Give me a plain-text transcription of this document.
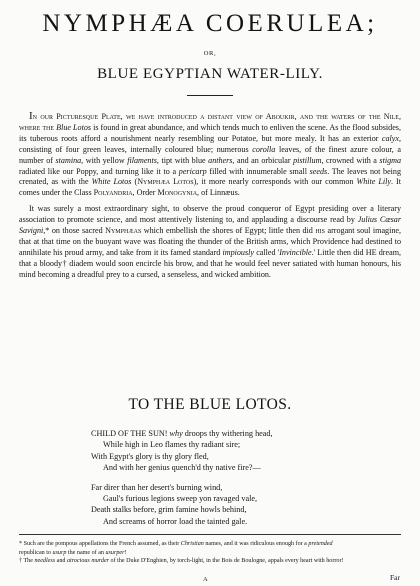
NYMPHÆA COERULEA;
OR,
BLUE EGYPTIAN WATER-LILY.

In our Picturesque Plate, we have introduced a distant view of Aboukir, and the waters of the Nile, where the Blue Lotos is found in great abundance, and which tends much to enliven the scene. As the flood subsides, its tuberous roots afford a nourishment nearly resembling our Potatoe, but more mealy. It has an exterior calyx, consisting of four green leaves, internally coloured blue; numerous corolla leaves, of the finest azure colour, a number of stamina, with yellow filaments, tipt with blue anthers, and an orbicular pistillum, crowned with a stigma radiated like our Poppy, and turning like it to a pericarp filled with innumerable small seeds. The leaves not being crenated, as with the White Lotos (Nymphæa Lotos), it more nearly corresponds with our common White Lily. It comes under the Class Polyandria, Order Monogynia, of Linnæus.

It was surely a most extraordinary sight, to observe the proud conqueror of Egypt presiding over a literary association to promote science, and most attentively listening to, and applauding a discourse read by Julius Cæsar Savigni,* on those sacred Nymphæas which embellish the shores of Egypt; little then did his arrogant soul imagine, that at that time on the buoyant wave was floating the thunder of the British arms, which Providence had destined to annihilate his proud army, and take from it its famed standard impiously called 'Invincible.' Little then did HE dream, that a bloody† diadem would soon encircle his brow, and that he would feel never satiated with human honours, his mind becoming a dreadful prey to a cursed, a senseless, and wicked ambition.

TO THE BLUE LOTOS.
CHILD OF THE SUN! why droops thy withering head,
While high in Leo flames thy radiant sire;
With Egypt's glory is thy glory fled,
And with her genius quench'd thy native fire?—
Far direr than her desert's burning wind,
Gaul's furious legions sweep yon ravaged vale,
Death stalks before, grim famine howls behind,
And screams of horror load the tainted gale.
* Such are the pompous appellations the French assumed, as their Christian names, and it was ridiculous enough for a pretended
republican to usurp the name of an usurper!
† The needless and atrocious murder of the Duke D'Enghien, by torch-light, in the Bois de Boulogne, appals every heart with horror!
A	Far
